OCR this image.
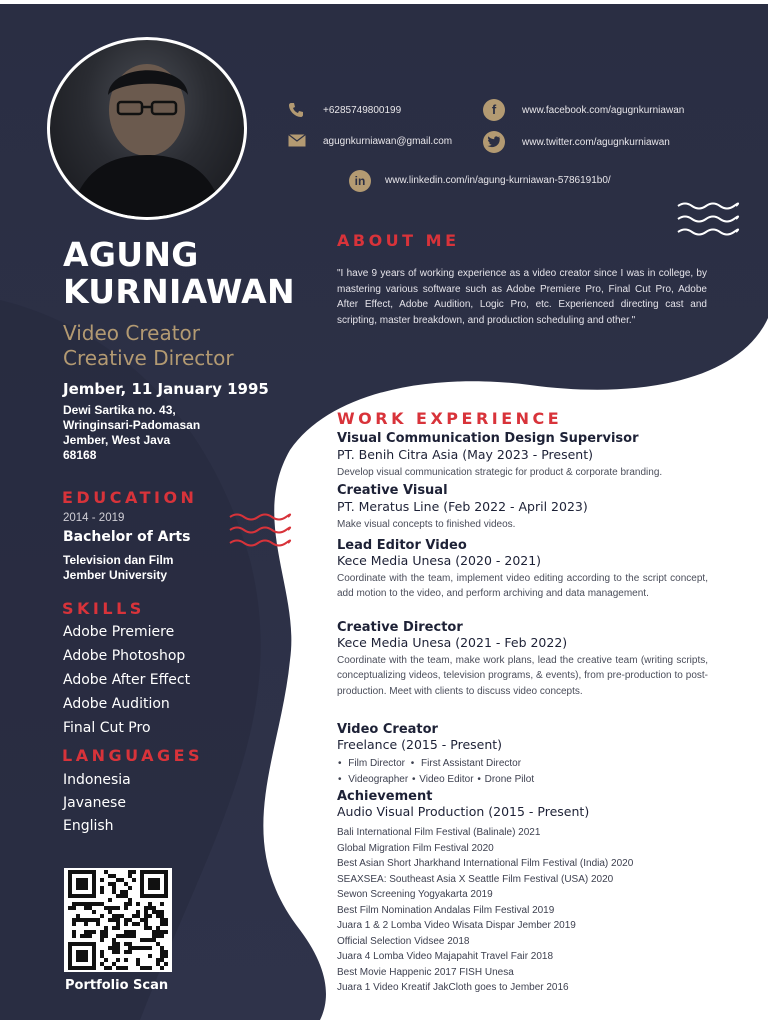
AGUNG
KURNIAWAN
Video Creator
Creative Director
Jember, 11 January 1995
Dewi Sartika no. 43,
Wringinsari-Padomasan
Jember, West Java
68168
EDUCATION
2014 - 2019
Bachelor of Arts
Television dan Film
Jember University
SKILLS
Adobe Premiere
Adobe Photoshop
Adobe After Effect
Adobe Audition
Final Cut Pro
LANGUAGES
Indonesia
Javanese
English
Portfolio Scan
+6285749800199
agugnkurniawan@gmail.com
f	www.facebook.com/agugnkurniawan
www.twitter.com/agugnkurniawan
in	www.linkedin.com/in/agung-kurniawan-5786191b0/
ABOUT ME
"I have 9 years of working experience as a video creator since I was in college, by mastering various software such as Adobe Premiere Pro, Final Cut Pro, Adobe After Effect, Adobe Audition, Logic Pro, etc. Experienced directing cast and scripting, master breakdown, and production scheduling and other."
WORK EXPERIENCE
Visual Communication Design Supervisor
PT. Benih Citra Asia (May 2023 - Present)
Develop visual communication strategic for product & corporate branding.
Creative Visual
PT. Meratus Line (Feb 2022 - April 2023)
Make visual concepts to finished videos.
Lead Editor Video
Kece Media Unesa (2020 - 2021)
Coordinate with the team, implement video editing according to the script concept, add motion to the video, and perform archiving and data management.
Creative Director
Kece Media Unesa (2021 - Feb 2022)
Coordinate with the team, make work plans, lead the creative team (writing scripts, conceptualizing videos, television programs, & events), from pre-production to post-production. Meet with clients to discuss video concepts.
Video Creator
Freelance (2015 - Present)
• Film Director • First Assistant Director
• Videographer • Video Editor • Drone Pilot
Achievement
Audio Visual Production (2015 - Present)
Bali International Film Festival (Balinale) 2021
Global Migration Film Festival 2020
Best Asian Short Jharkhand International Film Festival (India) 2020
SEAXSEA: Southeast Asia X Seattle Film Festival (USA) 2020
Sewon Screening Yogyakarta 2019
Best Film Nomination Andalas Film Festival 2019
Juara 1 & 2 Lomba Video Wisata Dispar Jember 2019
Official Selection Vidsee 2018
Juara 4 Lomba Video Majapahit Travel Fair 2018
Best Movie Happenic 2017 FISH Unesa
Juara 1 Video Kreatif JakCloth goes to Jember 2016
